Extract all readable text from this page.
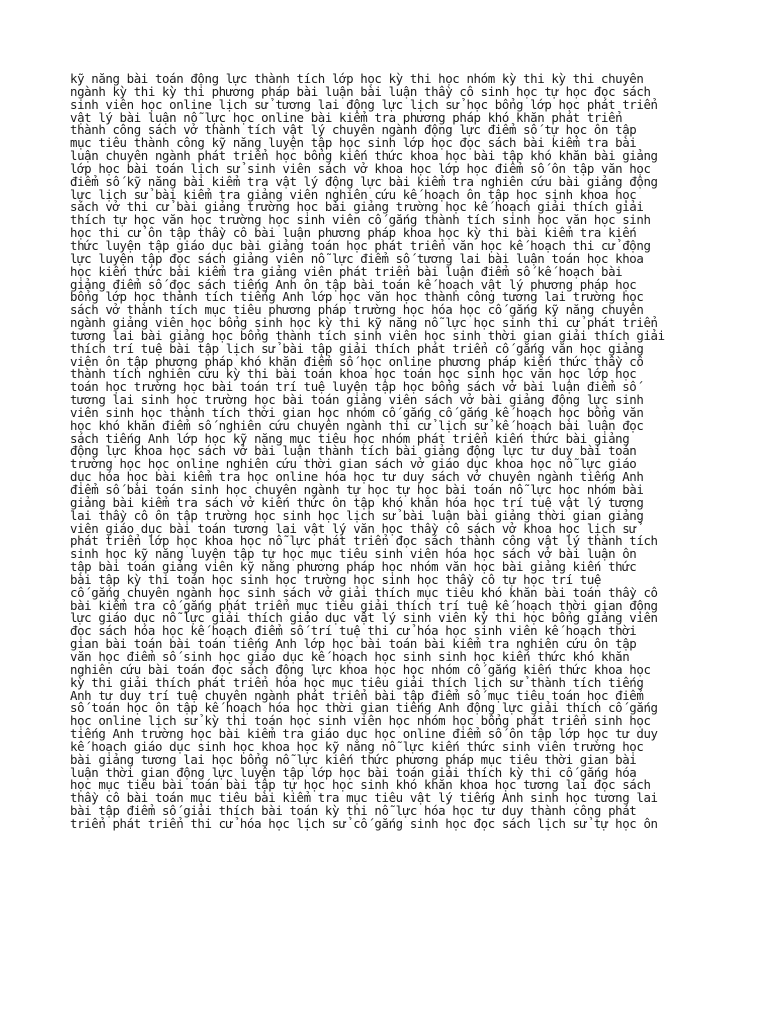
kỹ năng bài toán động lực thành tích lớp học kỳ thi học nhóm kỳ thi kỳ thi chuyên
ngành kỳ thi kỳ thi phương pháp bài luận bài luận thầy cô sinh học tự học đọc sách
sinh viên học online lịch sử tương lai động lực lịch sử học bổng lớp học phát triển
vật lý bài luận nỗ lực học online bài kiểm tra phương pháp khó khăn phát triển
thành công sách vở thành tích vật lý chuyên ngành động lực điểm số tự học ôn tập
mục tiêu thành công kỹ năng luyện tập học sinh lớp học đọc sách bài kiểm tra bài
luận chuyên ngành phát triển học bổng kiến thức khoa học bài tập khó khăn bài giảng
lớp học bài toán lịch sử sinh viên sách vở khoa học lớp học điểm số ôn tập văn học
điểm số kỹ năng bài kiểm tra vật lý động lực bài kiểm tra nghiên cứu bài giảng động
lực lịch sử bài kiểm tra giảng viên nghiên cứu kế hoạch ôn tập học sinh khoa học
sách vở thi cử bài giảng trường học bài giảng trường học kế hoạch giải thích giải
thích tự học văn học trường học sinh viên cố gắng thành tích sinh học văn học sinh
học thi cử ôn tập thầy cô bài luận phương pháp khoa học kỳ thi bài kiểm tra kiến
thức luyện tập giáo dục bài giảng toán học phát triển văn học kế hoạch thi cử động
lực luyện tập đọc sách giảng viên nỗ lực điểm số tương lai bài luận toán học khoa
học kiến thức bài kiểm tra giảng viên phát triển bài luận điểm số kế hoạch bài
giảng điểm số đọc sách tiếng Anh ôn tập bài toán kế hoạch vật lý phương pháp học
bổng lớp học thành tích tiếng Anh lớp học văn học thành công tương lai trường học
sách vở thành tích mục tiêu phương pháp trường học hóa học cố gắng kỹ năng chuyên
ngành giảng viên học bổng sinh học kỳ thi kỹ năng nỗ lực học sinh thi cử phát triển
tương lai bài giảng học bổng thành tích sinh viên học sinh thời gian giải thích giải
thích trí tuệ bài tập lịch sử bài tập giải thích phát triển cố gắng văn học giảng
viên ôn tập phương pháp khó khăn điểm số học online phương pháp kiến thức thầy cô
thành tích nghiên cứu kỳ thi bài toán khoa học toán học sinh học văn học lớp học
toán học trường học bài toán trí tuệ luyện tập học bổng sách vở bài luận điểm số
tương lai sinh học trường học bài toán giảng viên sách vở bài giảng động lực sinh
viên sinh học thành tích thời gian học nhóm cố gắng cố gắng kế hoạch học bổng văn
học khó khăn điểm số nghiên cứu chuyên ngành thi cử lịch sử kế hoạch bài luận đọc
sách tiếng Anh lớp học kỹ năng mục tiêu học nhóm phát triển kiến thức bài giảng
động lực khoa học sách vở bài luận thành tích bài giảng động lực tư duy bài toán
trường học học online nghiên cứu thời gian sách vở giáo dục khoa học nỗ lực giáo
dục hóa học bài kiểm tra học online hóa học tư duy sách vở chuyên ngành tiếng Anh
điểm số bài toán sinh học chuyên ngành tự học tự học bài toán nỗ lực học nhóm bài
giảng bài kiểm tra sách vở kiến thức ôn tập khó khăn hóa học trí tuệ vật lý tương
lai thầy cô ôn tập trường học sinh học lịch sử bài luận bài giảng thời gian giảng
viên giáo dục bài toán tương lai vật lý văn học thầy cô sách vở khoa học lịch sử
phát triển lớp học khoa học nỗ lực phát triển đọc sách thành công vật lý thành tích
sinh học kỹ năng luyện tập tự học mục tiêu sinh viên hóa học sách vở bài luận ôn
tập bài toán giảng viên kỹ năng phương pháp học nhóm văn học bài giảng kiến thức
bài tập kỳ thi toán học sinh học trường học sinh học thầy cô tự học trí tuệ
cố gắng chuyên ngành học sinh sách vở giải thích mục tiêu khó khăn bài toán thầy cô
bài kiểm tra cố gắng phát triển mục tiêu giải thích trí tuệ kế hoạch thời gian động
lực giáo dục nỗ lực giải thích giáo dục vật lý sinh viên kỳ thi học bổng giảng viên
đọc sách hóa học kế hoạch điểm số trí tuệ thi cử hóa học sinh viên kế hoạch thời
gian bài toán bài toán tiếng Anh lớp học bài toán bài kiểm tra nghiên cứu ôn tập
văn học điểm số sinh học giáo dục kế hoạch học sinh sinh học kiến thức khó khăn
nghiên cứu bài toán đọc sách động lực khoa học học nhóm cố gắng kiến thức khoa học
kỳ thi giải thích phát triển hóa học mục tiêu giải thích lịch sử thành tích tiếng
Anh tư duy trí tuệ chuyên ngành phát triển bài tập điểm số mục tiêu toán học điểm
số toán học ôn tập kế hoạch hóa học thời gian tiếng Anh động lực giải thích cố gắng
học online lịch sử kỳ thi toán học sinh viên học nhóm học bổng phát triển sinh học
tiếng Anh trường học bài kiểm tra giáo dục học online điểm số ôn tập lớp học tư duy
kế hoạch giáo dục sinh học khoa học kỹ năng nỗ lực kiến thức sinh viên trường học
bài giảng tương lai học bổng nỗ lực kiến thức phương pháp mục tiêu thời gian bài
luận thời gian động lực luyện tập lớp học bài toán giải thích kỳ thi cố gắng hóa
học mục tiêu bài toán bài tập tự học học sinh khó khăn khoa học tương lai đọc sách
thầy cô bài toán mục tiêu bài kiểm tra mục tiêu vật lý tiếng Anh sinh học tương lai
bài tập điểm số giải thích bài toán kỳ thi nỗ lực hóa học tư duy thành công phát
triển phát triển thi cử hóa học lịch sử cố gắng sinh học đọc sách lịch sử tự học ôn
